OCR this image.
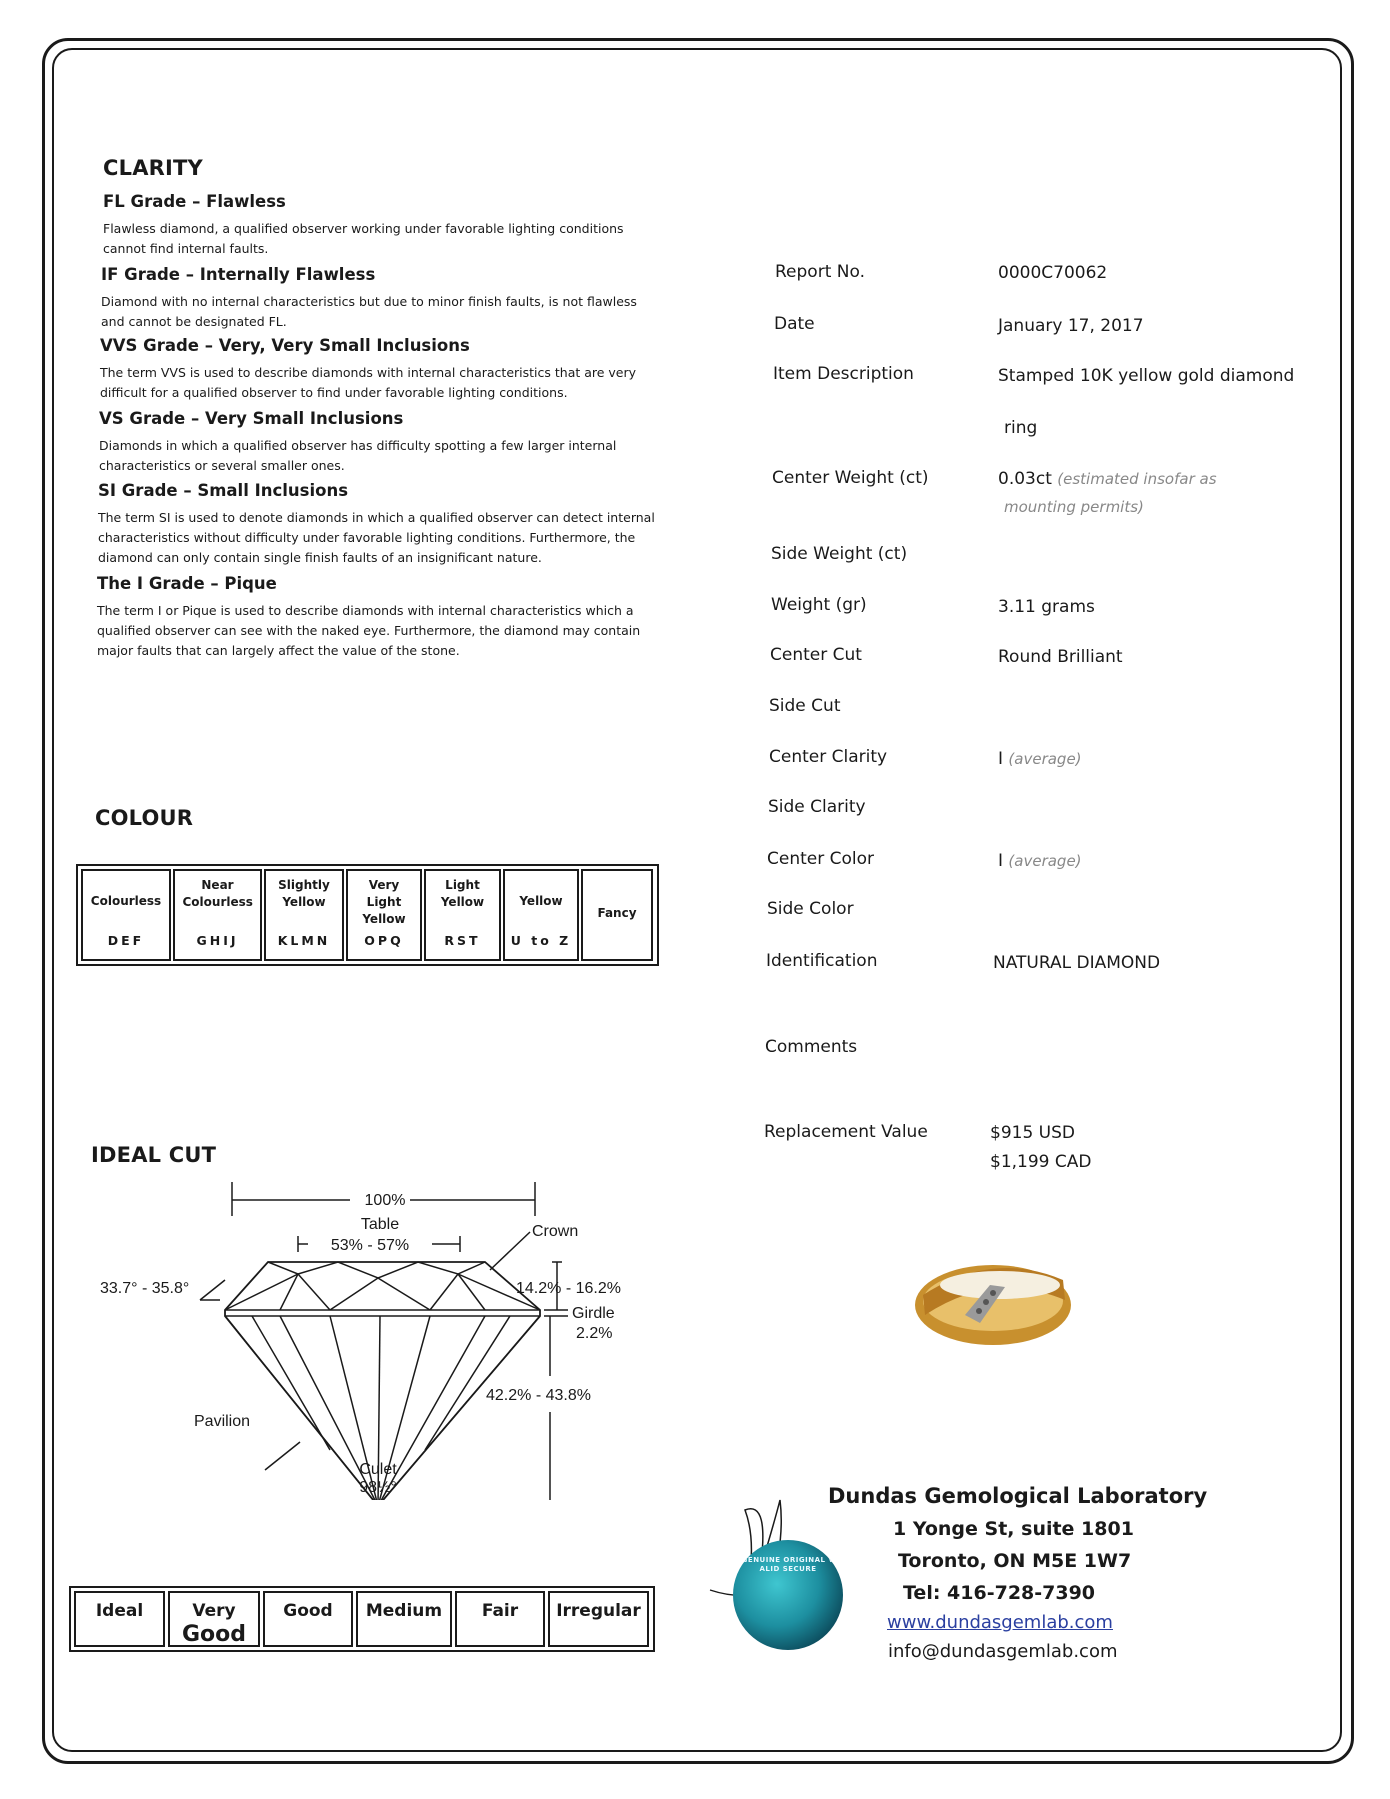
CLARITY
FL Grade – Flawless
Flawless diamond, a qualified observer working under favorable lighting conditions cannot find internal faults.
IF Grade – Internally Flawless
Diamond with no internal characteristics but due to minor finish faults, is not flawless and cannot be designated FL.
VVS Grade – Very, Very Small Inclusions
The term VVS is used to describe diamonds with internal characteristics that are very difficult for a qualified observer to find under favorable lighting conditions.
VS Grade – Very Small Inclusions
Diamonds in which a qualified observer has difficulty spotting a few larger internal characteristics or several smaller ones.
SI Grade – Small Inclusions
The term SI is used to denote diamonds in which a qualified observer can detect internal characteristics without difficulty under favorable lighting conditions. Furthermore, the diamond can only contain single finish faults of an insignificant nature.
The I Grade – Pique
The term I or Pique is used to describe diamonds with internal characteristics which a qualified observer can see with the naked eye. Furthermore, the diamond may contain major faults that can largely affect the value of the stone.
COLOUR
Colourless
DEF
Near Colourless
GHIJ
Slightly Yellow
KLMN
Very Light Yellow
OPQ
Light Yellow
RST
Yellow
U to Z
Fancy
IDEAL CUT
100%
Table
53% - 57%
Crown
33.7° - 35.8°	14.2% - 16.2%
Girdle
2.2%
42.2% - 43.8%
Pavilion
Culet
98½°
Ideal	Very
Good
Good	Medium	Fair	Irregular
Report No.	0000C70062
Date	January 17, 2017
Item Description	Stamped 10K yellow gold diamond
ring
Center Weight (ct)	0.03ct (estimated insofar as
mounting permits)
Side Weight (ct)
Weight (gr)	3.11 grams
Center Cut	Round Brilliant
Side Cut
Center Clarity	I (average)
Side Clarity
Center Color	I (average)
Side Color
Identification	NATURAL DIAMOND
Comments
Replacement Value	$915 USD
$1,199 CAD
GENUINE ORIGINAL VALID SECURE
Dundas Gemological Laboratory
1 Yonge St, suite 1801
Toronto, ON M5E 1W7
Tel: 416-728-7390
www.dundasgemlab.com
info@dundasgemlab.com
